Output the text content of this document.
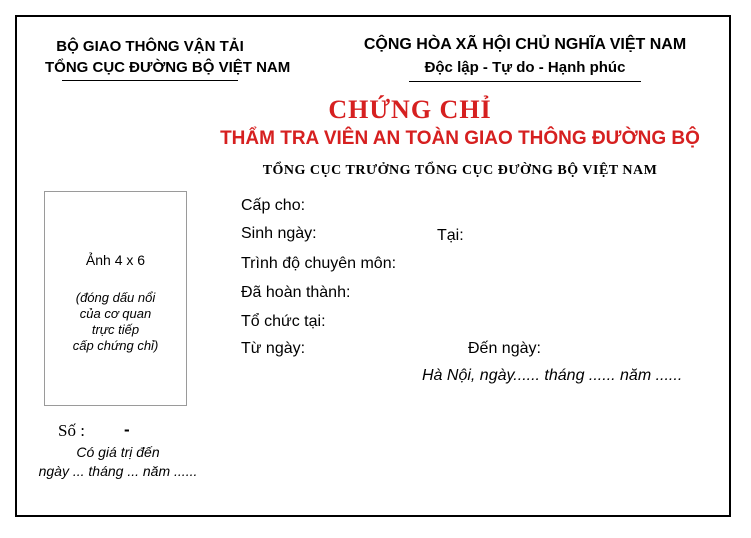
BỘ GIAO THÔNG VẬN TẢI
TỔNG CỤC ĐƯỜNG BỘ VIỆT NAM
CỘNG HÒA XÃ HỘI CHỦ NGHĨA VIỆT NAM
Độc lập - Tự do - Hạnh phúc
CHỨNG CHỈ
THẨM TRA VIÊN AN TOÀN GIAO THÔNG ĐƯỜNG BỘ
TỔNG CỤC TRƯỞNG TỔNG CỤC ĐƯỜNG BỘ VIỆT NAM
Ảnh 4 x 6
(đóng dấu nổi
của cơ quan
trực tiếp
cấp chứng chỉ)
Cấp cho:
Sinh ngày:	Tại:
Trình độ chuyên môn:
Đã hoàn thành:
Tổ chức tại:
Từ ngày:	Đến ngày:
Hà Nội, ngày...... tháng ...... năm ......
Số : -
Có giá trị đến
ngày ... tháng ... năm ......
